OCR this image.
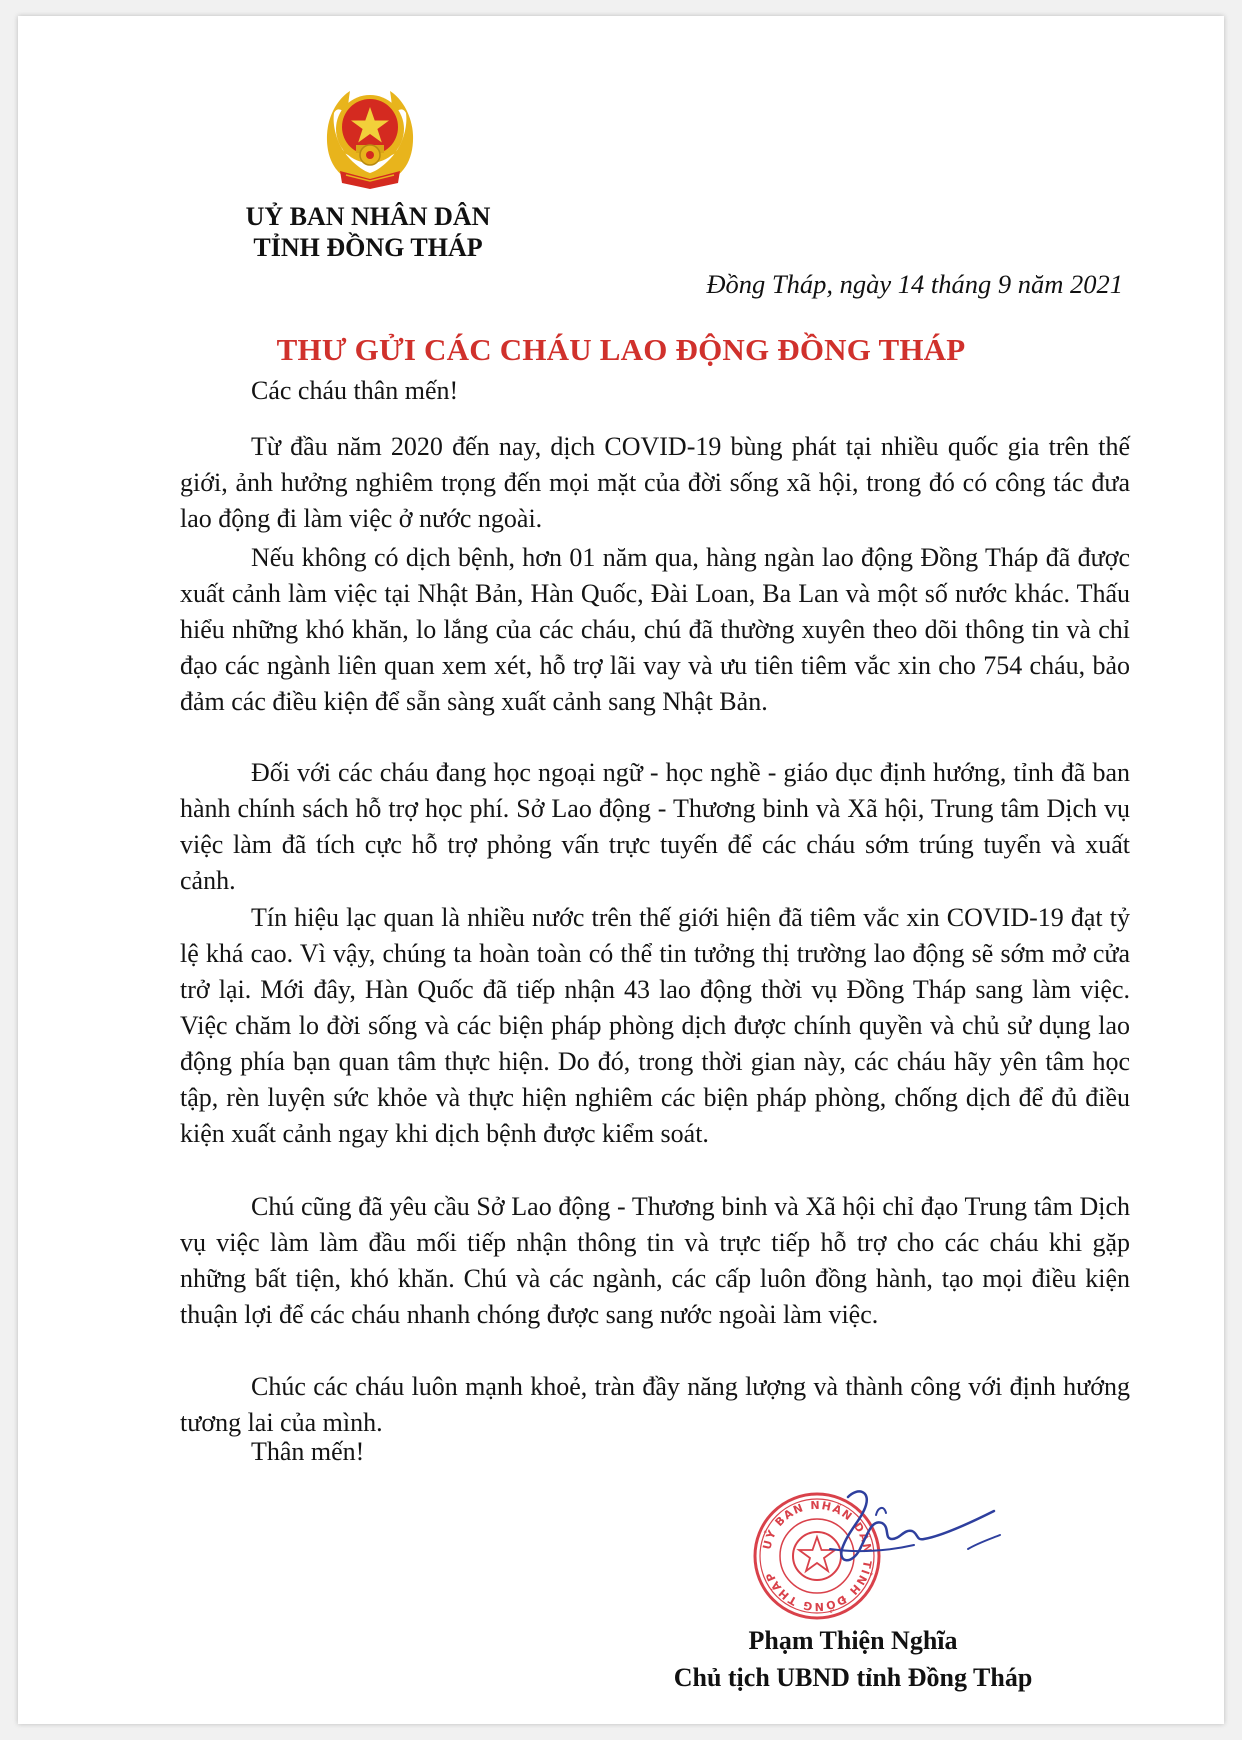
UỶ BAN NHÂN DÂN
TỈNH ĐỒNG THÁP
Đồng Tháp, ngày 14 tháng 9 năm 2021
THƯ GỬI CÁC CHÁU LAO ĐỘNG ĐỒNG THÁP

Các cháu thân mến!

Từ đầu năm 2020 đến nay, dịch COVID-19 bùng phát tại nhiều quốc gia trên thế giới, ảnh hưởng nghiêm trọng đến mọi mặt của đời sống xã hội, trong đó có công tác đưa lao động đi làm việc ở nước ngoài.

Nếu không có dịch bệnh, hơn 01 năm qua, hàng ngàn lao động Đồng Tháp đã được xuất cảnh làm việc tại Nhật Bản, Hàn Quốc, Đài Loan, Ba Lan và một số nước khác. Thấu hiểu những khó khăn, lo lắng của các cháu, chú đã thường xuyên theo dõi thông tin và chỉ đạo các ngành liên quan xem xét, hỗ trợ lãi vay và ưu tiên tiêm vắc xin cho 754 cháu, bảo đảm các điều kiện để sẵn sàng xuất cảnh sang Nhật Bản.

Đối với các cháu đang học ngoại ngữ - học nghề - giáo dục định hướng, tỉnh đã ban hành chính sách hỗ trợ học phí. Sở Lao động - Thương binh và Xã hội, Trung tâm Dịch vụ việc làm đã tích cực hỗ trợ phỏng vấn trực tuyến để các cháu sớm trúng tuyển và xuất cảnh.

Tín hiệu lạc quan là nhiều nước trên thế giới hiện đã tiêm vắc xin COVID-19 đạt tỷ lệ khá cao. Vì vậy, chúng ta hoàn toàn có thể tin tưởng thị trường lao động sẽ sớm mở cửa trở lại. Mới đây, Hàn Quốc đã tiếp nhận 43 lao động thời vụ Đồng Tháp sang làm việc. Việc chăm lo đời sống và các biện pháp phòng dịch được chính quyền và chủ sử dụng lao động phía bạn quan tâm thực hiện. Do đó, trong thời gian này, các cháu hãy yên tâm học tập, rèn luyện sức khỏe và thực hiện nghiêm các biện pháp phòng, chống dịch để đủ điều kiện xuất cảnh ngay khi dịch bệnh được kiểm soát.

Chú cũng đã yêu cầu Sở Lao động - Thương binh và Xã hội chỉ đạo Trung tâm Dịch vụ việc làm làm đầu mối tiếp nhận thông tin và trực tiếp hỗ trợ cho các cháu khi gặp những bất tiện, khó khăn. Chú và các ngành, các cấp luôn đồng hành, tạo mọi điều kiện thuận lợi để các cháu nhanh chóng được sang nước ngoài làm việc.

Chúc các cháu luôn mạnh khoẻ, tràn đầy năng lượng và thành công với định hướng tương lai của mình.

Thân mến!

UỶ BAN NHÂN DÂN TỈNH ĐỒNG THÁP
Phạm Thiện Nghĩa
Chủ tịch UBND tỉnh Đồng Tháp
